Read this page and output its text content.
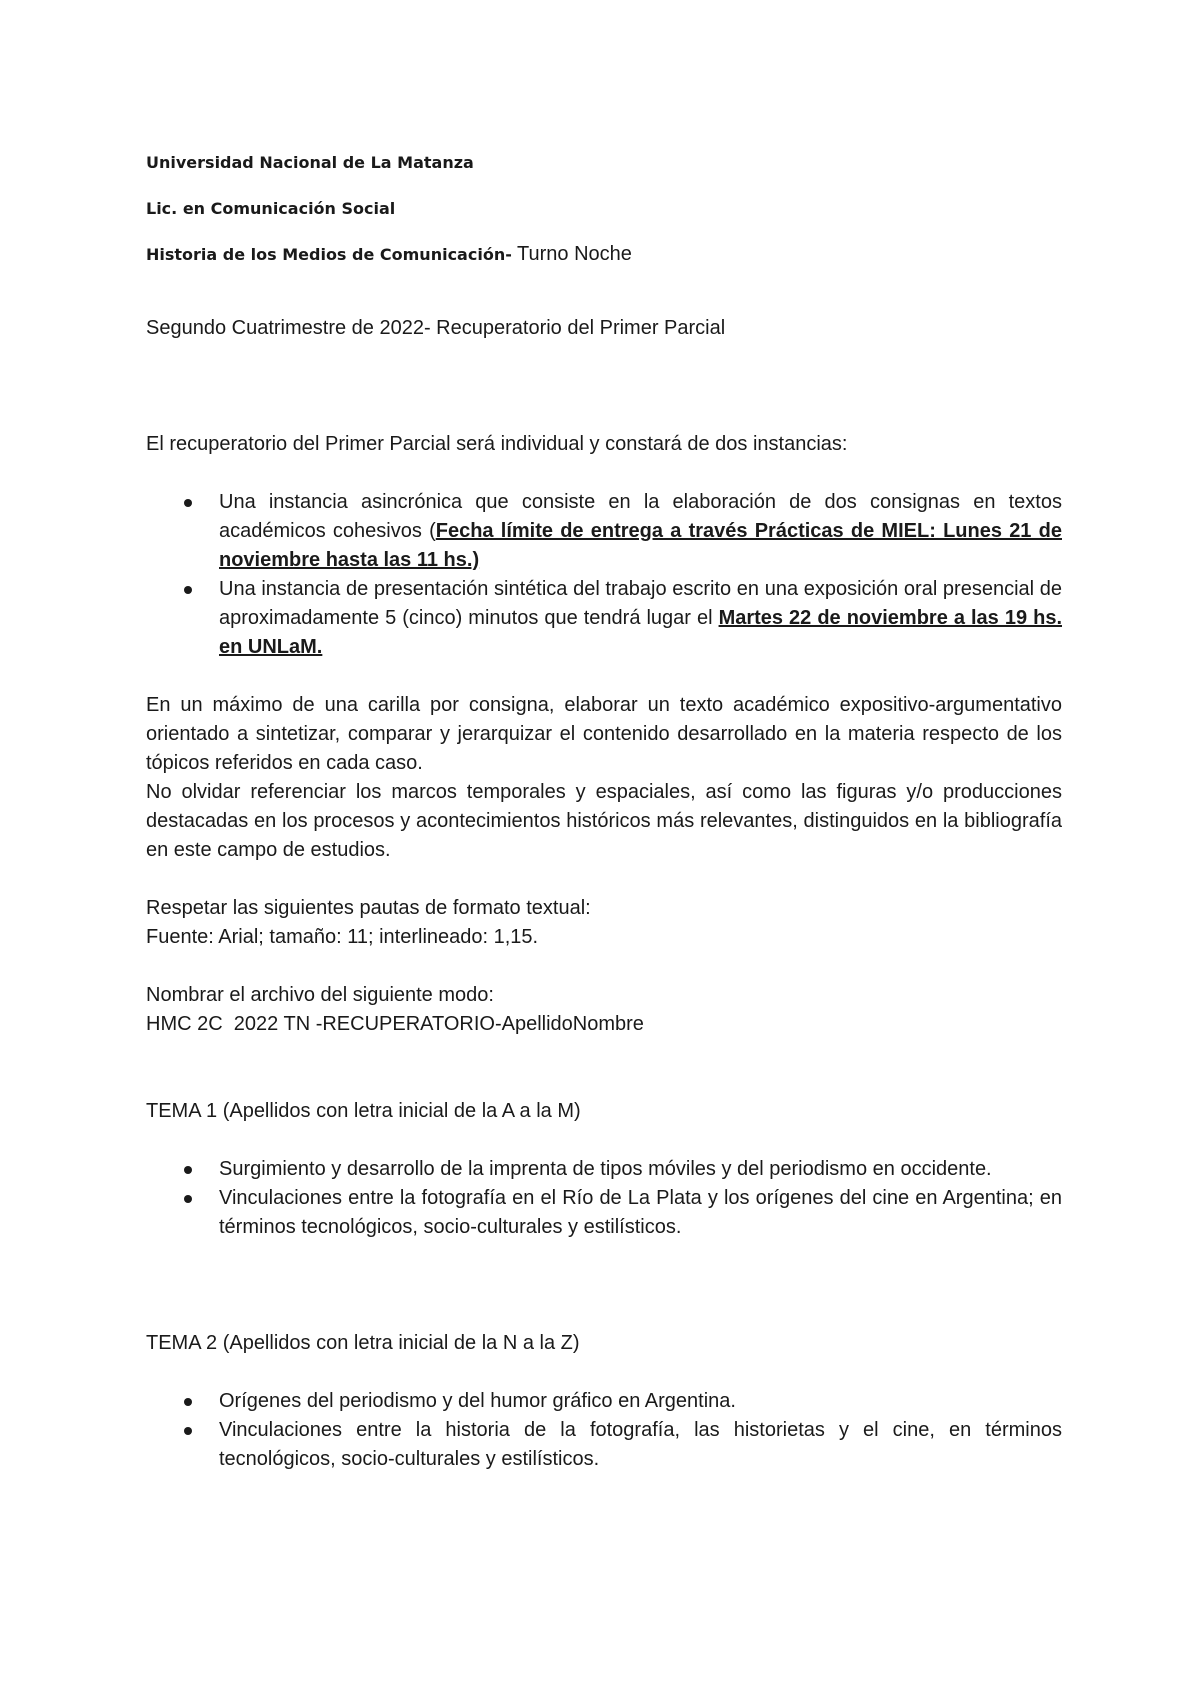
Universidad Nacional de La Matanza

Lic. en Comunicación Social

Historia de los Medios de Comunicación- Turno Noche

Segundo Cuatrimestre de 2022- Recuperatorio del Primer Parcial

El recuperatorio del Primer Parcial será individual y constará de dos instancias:

Una instancia asincrónica que consiste en la elaboración de dos consignas en textos académicos cohesivos (Fecha límite de entrega a través Prácticas de MIEL: Lunes 21 de noviembre hasta las 11 hs.)
Una instancia de presentación sintética del trabajo escrito en una exposición oral presencial de aproximadamente 5 (cinco) minutos que tendrá lugar el Martes 22 de noviembre a las 19 hs. en UNLaM.

En un máximo de una carilla por consigna, elaborar un texto académico expositivo-argumentativo orientado a sintetizar, comparar y jerarquizar el contenido desarrollado en la materia respecto de los tópicos referidos en cada caso.

No olvidar referenciar los marcos temporales y espaciales, así como las figuras y/o producciones destacadas en los procesos y acontecimientos históricos más relevantes, distinguidos en la bibliografía en este campo de estudios.

Respetar las siguientes pautas de formato textual:

Fuente: Arial; tamaño: 11; interlineado: 1,15.

Nombrar el archivo del siguiente modo:

HMC 2C  2022 TN -RECUPERATORIO-ApellidoNombre

TEMA 1 (Apellidos con letra inicial de la A a la M)

Surgimiento y desarrollo de la imprenta de tipos móviles y del periodismo en occidente.
Vinculaciones entre la fotografía en el Río de La Plata y los orígenes del cine en Argentina; en términos tecnológicos, socio-culturales y estilísticos.

TEMA 2 (Apellidos con letra inicial de la N a la Z)

Orígenes del periodismo y del humor gráfico en Argentina.
Vinculaciones entre la historia de la fotografía, las historietas y el cine, en términos tecnológicos, socio-culturales y estilísticos.
